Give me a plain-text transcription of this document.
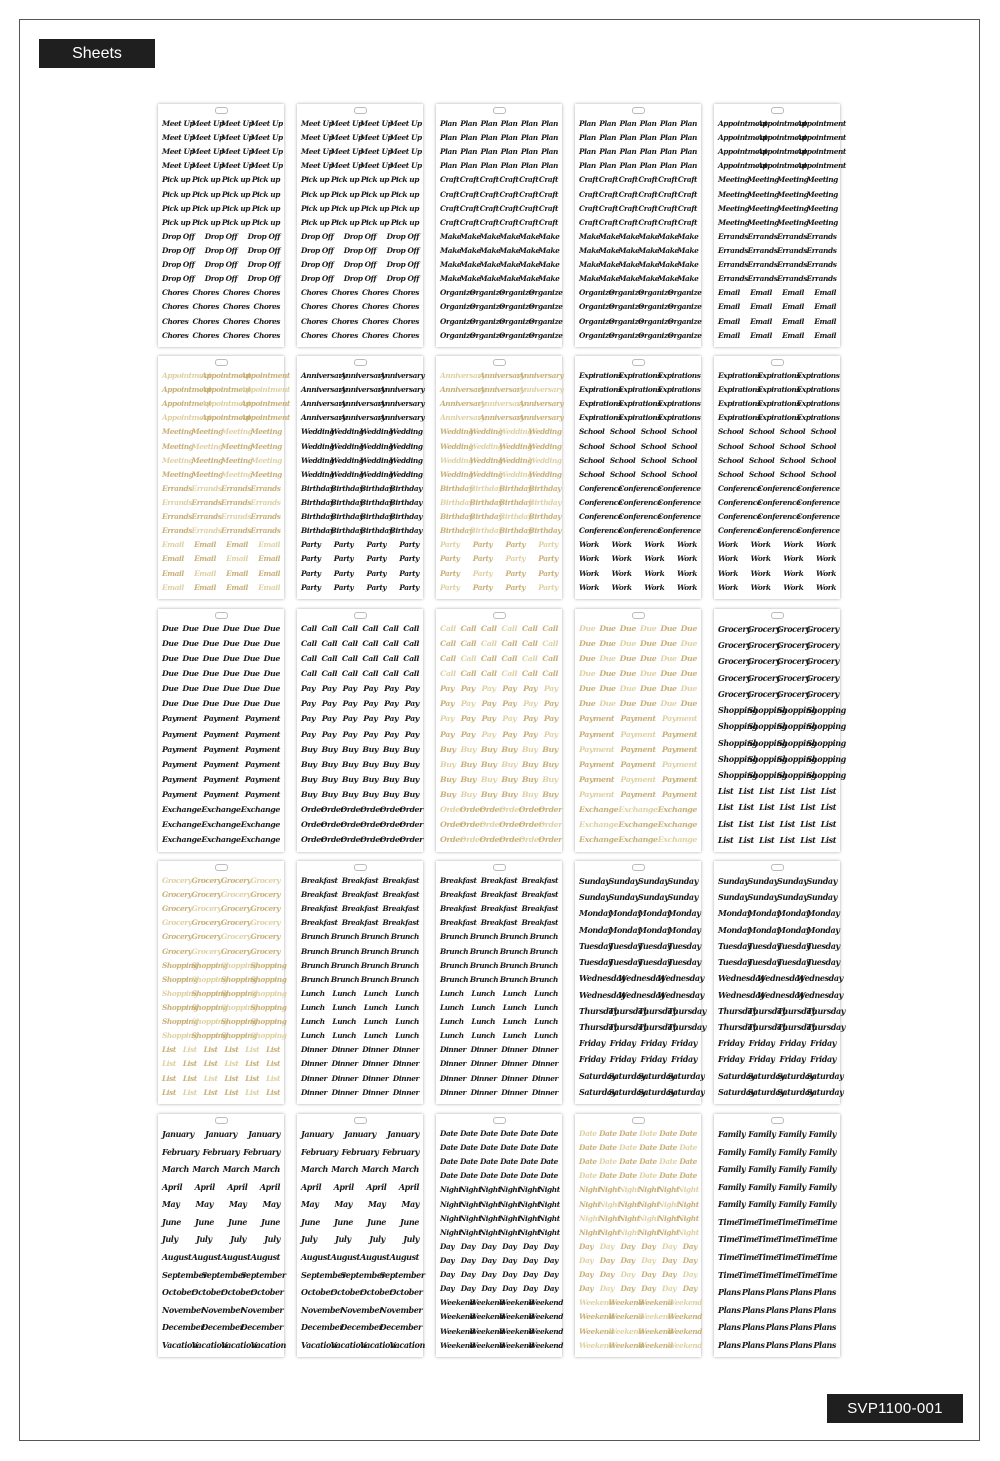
Sheets
Meet Up
Meet Up
Meet Up
Meet Up
Meet Up
Meet Up
Meet Up
Meet Up
Meet Up
Meet Up
Meet Up
Meet Up
Meet Up
Meet Up
Meet Up
Meet Up
Pick up Pick up Pick up Pick up
Pick up Pick up Pick up Pick up
Pick up Pick up Pick up Pick up
Pick up Pick up Pick up Pick up
Drop Off Drop Off Drop Off
Drop Off Drop Off Drop Off
Drop Off Drop Off Drop Off
Drop Off Drop Off Drop Off
Chores Chores Chores Chores
Chores Chores Chores Chores
Chores Chores Chores Chores
Chores Chores Chores Chores
Meet Up
Meet Up
Meet Up
Meet Up
Meet Up
Meet Up
Meet Up
Meet Up
Meet Up
Meet Up
Meet Up
Meet Up
Meet Up
Meet Up
Meet Up
Meet Up
Pick up Pick up Pick up Pick up
Pick up Pick up Pick up Pick up
Pick up Pick up Pick up Pick up
Pick up Pick up Pick up Pick up
Drop Off Drop Off Drop Off
Drop Off Drop Off Drop Off
Drop Off Drop Off Drop Off
Drop Off Drop Off Drop Off
Chores Chores Chores Chores
Chores Chores Chores Chores
Chores Chores Chores Chores
Chores Chores Chores Chores
Plan Plan Plan Plan Plan Plan
Plan Plan Plan Plan Plan Plan
Plan Plan Plan Plan Plan Plan
Plan Plan Plan Plan Plan Plan
Craft Craft Craft Craft Craft Craft
Craft Craft Craft Craft Craft Craft
Craft Craft Craft Craft Craft Craft
Craft Craft Craft Craft Craft Craft
Make
Make
Make
Make
Make
Make
Make
Make
Make
Make
Make
Make
Make
Make
Make
Make
Make
Make
Make
Make
Make
Make
Make
Make
Organize
Organize
Organize
Organize
Organize
Organize
Organize
Organize
Organize
Organize
Organize
Organize
Organize
Organize
Organize
Organize
Plan Plan Plan Plan Plan Plan
Plan Plan Plan Plan Plan Plan
Plan Plan Plan Plan Plan Plan
Plan Plan Plan Plan Plan Plan
Craft Craft Craft Craft Craft Craft
Craft Craft Craft Craft Craft Craft
Craft Craft Craft Craft Craft Craft
Craft Craft Craft Craft Craft Craft
Make
Make
Make
Make
Make
Make
Make
Make
Make
Make
Make
Make
Make
Make
Make
Make
Make
Make
Make
Make
Make
Make
Make
Make
Organize
Organize
Organize
Organize
Organize
Organize
Organize
Organize
Organize
Organize
Organize
Organize
Organize
Organize
Organize
Organize
Appointment
Appointment
Appointment
Appointment
Appointment
Appointment
Appointment
Appointment
Appointment
Appointment
Appointment
Appointment
Meeting
Meeting
Meeting
Meeting
Meeting
Meeting
Meeting
Meeting
Meeting
Meeting
Meeting
Meeting
Meeting
Meeting
Meeting
Meeting
Errands Errands Errands Errands
Errands Errands Errands Errands
Errands Errands Errands Errands
Errands Errands Errands Errands
Email Email Email Email
Email Email Email Email
Email Email Email Email
Email Email Email Email
Appointment
Appointment
Appointment
Appointment
Appointment
Appointment
Appointment
Appointment
Appointment
Appointment
Appointment
Appointment
Meeting
Meeting
Meeting
Meeting
Meeting
Meeting
Meeting
Meeting
Meeting
Meeting
Meeting
Meeting
Meeting
Meeting
Meeting
Meeting
Errands Errands Errands Errands
Errands Errands Errands Errands
Errands Errands Errands Errands
Errands Errands Errands Errands
Email Email Email Email
Email Email Email Email
Email Email Email Email
Email Email Email Email
Anniversary
Anniversary
Anniversary
Anniversary
Anniversary
Anniversary
Anniversary
Anniversary
Anniversary
Anniversary
Anniversary
Anniversary
Wedding
Wedding
Wedding
Wedding
Wedding
Wedding
Wedding
Wedding
Wedding
Wedding
Wedding
Wedding
Wedding
Wedding
Wedding
Wedding
Birthday
Birthday
Birthday
Birthday
Birthday
Birthday
Birthday
Birthday
Birthday
Birthday
Birthday
Birthday
Birthday
Birthday
Birthday
Birthday
Party Party Party Party
Party Party Party Party
Party Party Party Party
Party Party Party Party
Anniversary
Anniversary
Anniversary
Anniversary
Anniversary
Anniversary
Anniversary
Anniversary
Anniversary
Anniversary
Anniversary
Anniversary
Wedding
Wedding
Wedding
Wedding
Wedding
Wedding
Wedding
Wedding
Wedding
Wedding
Wedding
Wedding
Wedding
Wedding
Wedding
Wedding
Birthday
Birthday
Birthday
Birthday
Birthday
Birthday
Birthday
Birthday
Birthday
Birthday
Birthday
Birthday
Birthday
Birthday
Birthday
Birthday
Party Party Party Party
Party Party Party Party
Party Party Party Party
Party Party Party Party
Expirations
Expirations
Expirations
Expirations
Expirations
Expirations
Expirations
Expirations
Expirations
Expirations
Expirations
Expirations
School School School School
School School School School
School School School School
School School School School
Conference
Conference
Conference
Conference
Conference
Conference
Conference
Conference
Conference
Conference
Conference
Conference
Work Work Work Work
Work Work Work Work
Work Work Work Work
Work Work Work Work
Expirations
Expirations
Expirations
Expirations
Expirations
Expirations
Expirations
Expirations
Expirations
Expirations
Expirations
Expirations
School School School School
School School School School
School School School School
School School School School
Conference
Conference
Conference
Conference
Conference
Conference
Conference
Conference
Conference
Conference
Conference
Conference
Work Work Work Work
Work Work Work Work
Work Work Work Work
Work Work Work Work
Due Due Due Due Due Due
Due Due Due Due Due Due
Due Due Due Due Due Due
Due Due Due Due Due Due
Due Due Due Due Due Due
Due Due Due Due Due Due
Payment Payment Payment
Payment Payment Payment
Payment Payment Payment
Payment Payment Payment
Payment Payment Payment
Payment Payment Payment
Exchange Exchange Exchange
Exchange Exchange Exchange
Exchange Exchange Exchange
Call Call Call Call Call Call
Call Call Call Call Call Call
Call Call Call Call Call Call
Call Call Call Call Call Call
Pay Pay Pay Pay Pay Pay
Pay Pay Pay Pay Pay Pay
Pay Pay Pay Pay Pay Pay
Pay Pay Pay Pay Pay Pay
Buy Buy Buy Buy Buy Buy
Buy Buy Buy Buy Buy Buy
Buy Buy Buy Buy Buy Buy
Buy Buy Buy Buy Buy Buy
Order
Order
Order
Order
Order
Order
Order
Order
Order
Order
Order
Order
Order
Order
Order
Order
Order
Order
Call Call Call Call Call Call
Call Call Call Call Call Call
Call Call Call Call Call Call
Call Call Call Call Call Call
Pay Pay Pay Pay Pay Pay
Pay Pay Pay Pay Pay Pay
Pay Pay Pay Pay Pay Pay
Pay Pay Pay Pay Pay Pay
Buy Buy Buy Buy Buy Buy
Buy Buy Buy Buy Buy Buy
Buy Buy Buy Buy Buy Buy
Buy Buy Buy Buy Buy Buy
Order
Order
Order
Order
Order
Order
Order
Order
Order
Order
Order
Order
Order
Order
Order
Order
Order
Order
Due Due Due Due Due Due
Due Due Due Due Due Due
Due Due Due Due Due Due
Due Due Due Due Due Due
Due Due Due Due Due Due
Due Due Due Due Due Due
Payment Payment Payment
Payment Payment Payment
Payment Payment Payment
Payment Payment Payment
Payment Payment Payment
Payment Payment Payment
Exchange Exchange Exchange
Exchange Exchange Exchange
Exchange Exchange Exchange
Grocery
Grocery
Grocery
Grocery
Grocery
Grocery
Grocery
Grocery
Grocery
Grocery
Grocery
Grocery
Grocery
Grocery
Grocery
Grocery
Grocery
Grocery
Grocery
Grocery
Shopping
Shopping
Shopping
Shopping
Shopping
Shopping
Shopping
Shopping
Shopping
Shopping
Shopping
Shopping
Shopping
Shopping
Shopping
Shopping
Shopping
Shopping
Shopping
Shopping
List List List List List List
List List List List List List
List List List List List List
List List List List List List
Grocery Grocery Grocery Grocery
Grocery Grocery Grocery Grocery
Grocery Grocery Grocery Grocery
Grocery Grocery Grocery Grocery
Grocery Grocery Grocery Grocery
Grocery Grocery Grocery Grocery
Shopping
Shopping
Shopping
Shopping
Shopping
Shopping
Shopping
Shopping
Shopping
Shopping
Shopping
Shopping
Shopping
Shopping
Shopping
Shopping
Shopping
Shopping
Shopping
Shopping
Shopping
Shopping
Shopping
Shopping
List List List List List List
List List List List List List
List List List List List List
List List List List List List
Breakfast Breakfast Breakfast
Breakfast Breakfast Breakfast
Breakfast Breakfast Breakfast
Breakfast Breakfast Breakfast
Brunch Brunch Brunch Brunch
Brunch Brunch Brunch Brunch
Brunch Brunch Brunch Brunch
Brunch Brunch Brunch Brunch
Lunch Lunch Lunch Lunch
Lunch Lunch Lunch Lunch
Lunch Lunch Lunch Lunch
Lunch Lunch Lunch Lunch
Dinner Dinner Dinner Dinner
Dinner Dinner Dinner Dinner
Dinner Dinner Dinner Dinner
Dinner Dinner Dinner Dinner
Breakfast Breakfast Breakfast
Breakfast Breakfast Breakfast
Breakfast Breakfast Breakfast
Breakfast Breakfast Breakfast
Brunch Brunch Brunch Brunch
Brunch Brunch Brunch Brunch
Brunch Brunch Brunch Brunch
Brunch Brunch Brunch Brunch
Lunch Lunch Lunch Lunch
Lunch Lunch Lunch Lunch
Lunch Lunch Lunch Lunch
Lunch Lunch Lunch Lunch
Dinner Dinner Dinner Dinner
Dinner Dinner Dinner Dinner
Dinner Dinner Dinner Dinner
Dinner Dinner Dinner Dinner
Sunday Sunday Sunday Sunday
Sunday Sunday Sunday Sunday
Monday
Monday
Monday
Monday
Monday
Monday
Monday
Monday
Tuesday
Tuesday
Tuesday
Tuesday
Tuesday
Tuesday
Tuesday
Tuesday
Wednesday
Wednesday
Wednesday
Wednesday
Wednesday
Wednesday
Thursday
Thursday
Thursday
Thursday
Thursday
Thursday
Thursday
Thursday
Friday Friday Friday Friday
Friday Friday Friday Friday
Saturday
Saturday
Saturday
Saturday
Saturday
Saturday
Saturday
Saturday
Sunday Sunday Sunday Sunday
Sunday Sunday Sunday Sunday
Monday
Monday
Monday
Monday
Monday
Monday
Monday
Monday
Tuesday
Tuesday
Tuesday
Tuesday
Tuesday
Tuesday
Tuesday
Tuesday
Wednesday
Wednesday
Wednesday
Wednesday
Wednesday
Wednesday
Thursday
Thursday
Thursday
Thursday
Thursday
Thursday
Thursday
Thursday
Friday Friday Friday Friday
Friday Friday Friday Friday
Saturday
Saturday
Saturday
Saturday
Saturday
Saturday
Saturday
Saturday
January January January
February February February
March March March March
April April April April
May May May May
June June June June
July July July July
August August August August
September
September
September
October
October
October
October
November
November
November
December
December
December
Vacation
Vacation
Vacation
Vacation
January January January
February February February
March March March March
April April April April
May May May May
June June June June
July July July July
August August August August
September
September
September
October
October
October
October
November
November
November
December
December
December
Vacation
Vacation
Vacation
Vacation
Date Date Date Date Date Date
Date Date Date Date Date Date
Date Date Date Date Date Date
Date Date Date Date Date Date
Night
Night
Night
Night
Night
Night
Night
Night
Night
Night
Night
Night
Night
Night
Night
Night
Night
Night
Night
Night
Night
Night
Night
Night
Day Day Day Day Day Day
Day Day Day Day Day Day
Day Day Day Day Day Day
Day Day Day Day Day Day
Weekend
Weekend
Weekend
Weekend
Weekend
Weekend
Weekend
Weekend
Weekend
Weekend
Weekend
Weekend
Weekend
Weekend
Weekend
Weekend
Date Date Date Date Date Date
Date Date Date Date Date Date
Date Date Date Date Date Date
Date Date Date Date Date Date
Night
Night
Night
Night
Night
Night
Night
Night
Night
Night
Night
Night
Night
Night
Night
Night
Night
Night
Night
Night
Night
Night
Night
Night
Day Day Day Day Day Day
Day Day Day Day Day Day
Day Day Day Day Day Day
Day Day Day Day Day Day
Weekend
Weekend
Weekend
Weekend
Weekend
Weekend
Weekend
Weekend
Weekend
Weekend
Weekend
Weekend
Weekend
Weekend
Weekend
Weekend
Family Family Family Family
Family Family Family Family
Family Family Family Family
Family Family Family Family
Family Family Family Family
Time
Time
Time
Time
Time
Time
Time
Time
Time
Time
Time
Time
Time
Time
Time
Time
Time
Time
Time
Time
Time
Time
Time
Time
Plans Plans Plans Plans Plans
Plans Plans Plans Plans Plans
Plans Plans Plans Plans Plans
Plans Plans Plans Plans Plans
SVP1100-001
